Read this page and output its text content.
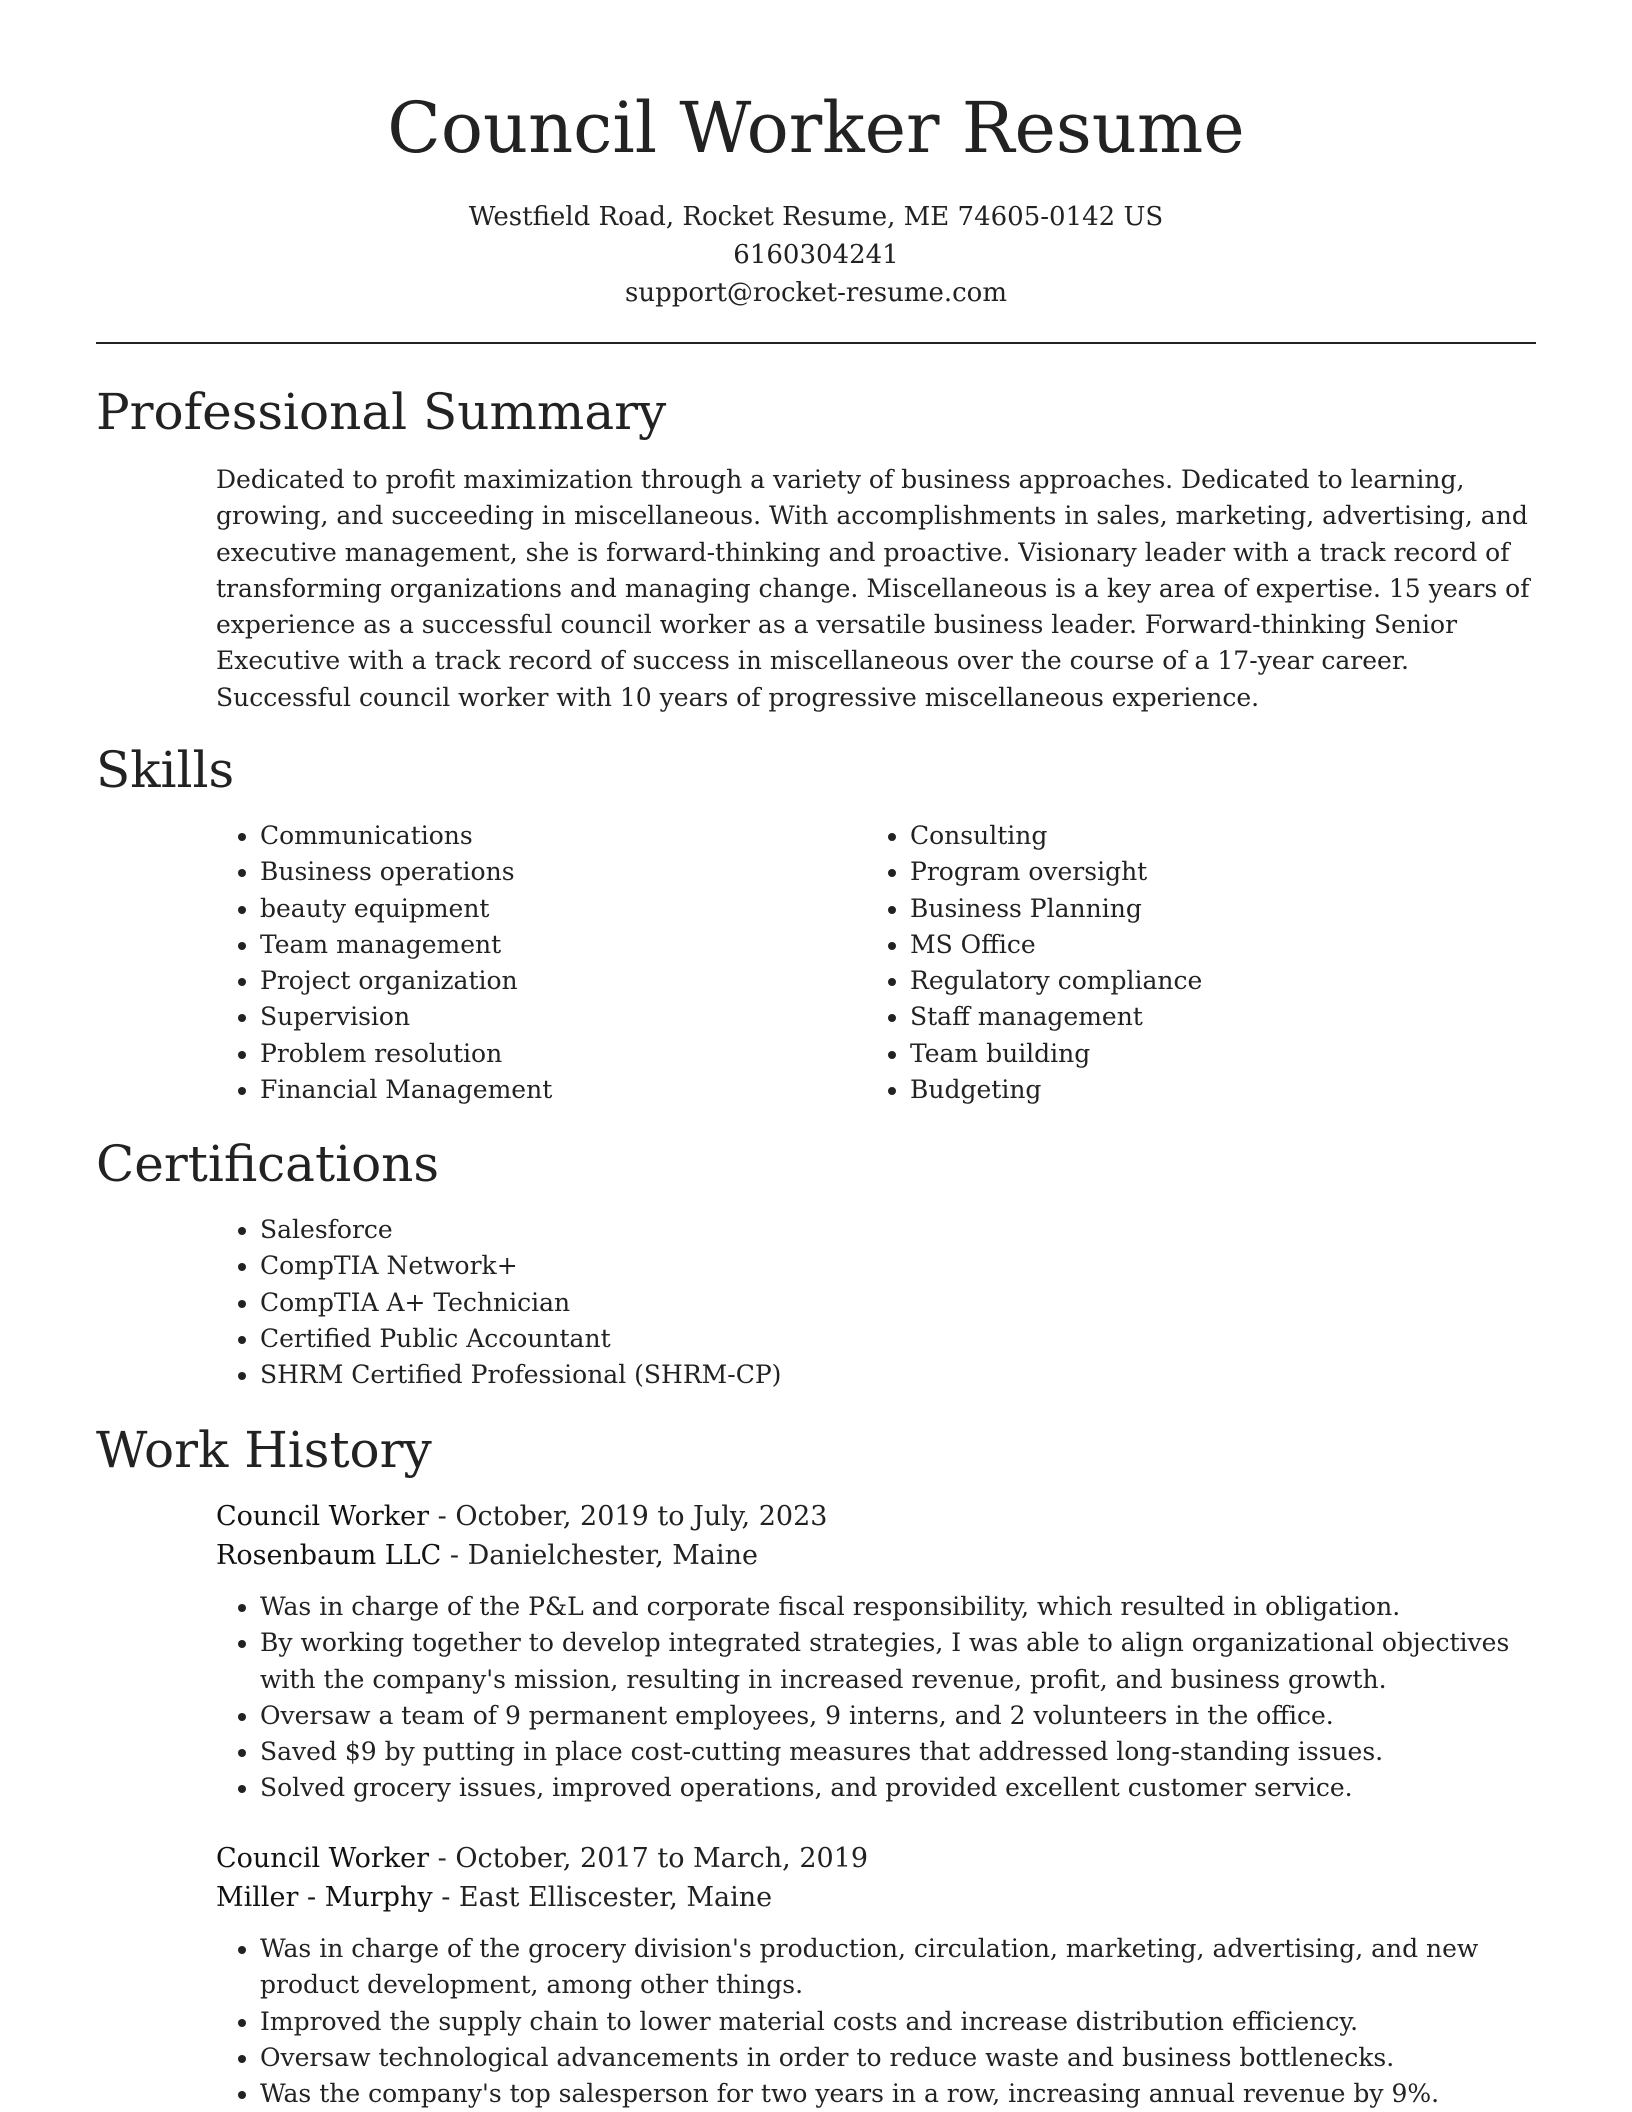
Council Worker Resume
Westfield Road, Rocket Resume, ME 74605-0142 US
6160304241
support@rocket-resume.com
Professional Summary

Dedicated to profit maximization through a variety of business approaches. Dedicated to learning, growing, and succeeding in miscellaneous. With accomplishments in sales, marketing, advertising, and executive management, she is forward-thinking and proactive. Visionary leader with a track record of transforming organizations and managing change. Miscellaneous is a key area of expertise. 15 years of experience as a successful council worker as a versatile business leader. Forward-thinking Senior Executive with a track record of success in miscellaneous over the course of a 17-year career. Successful council worker with 10 years of progressive miscellaneous experience.

Skills
• Communications
• Business operations
• beauty equipment
• Team management
• Project organization
• Supervision
• Problem resolution
• Financial Management
• Consulting
• Program oversight
• Business Planning
• MS Office
• Regulatory compliance
• Staff management
• Team building
• Budgeting
Certifications
• Salesforce
• CompTIA Network+
• CompTIA A+ Technician
• Certified Public Accountant
• SHRM Certified Professional (SHRM-CP)
Work History
Council Worker - October, 2019 to July, 2023
Rosenbaum LLC - Danielchester, Maine
• Was in charge of the P&L and corporate fiscal responsibility, which resulted in obligation.
• By working together to develop integrated strategies, I was able to align organizational objectives with the company's mission, resulting in increased revenue, profit, and business growth.
• Oversaw a team of 9 permanent employees, 9 interns, and 2 volunteers in the office.
• Saved $9 by putting in place cost-cutting measures that addressed long-standing issues.
• Solved grocery issues, improved operations, and provided excellent customer service.
Council Worker - October, 2017 to March, 2019
Miller - Murphy - East Elliscester, Maine
• Was in charge of the grocery division's production, circulation, marketing, advertising, and new product development, among other things.
• Improved the supply chain to lower material costs and increase distribution efficiency.
• Oversaw technological advancements in order to reduce waste and business bottlenecks.
• Was the company's top salesperson for two years in a row, increasing annual revenue by 9%.
